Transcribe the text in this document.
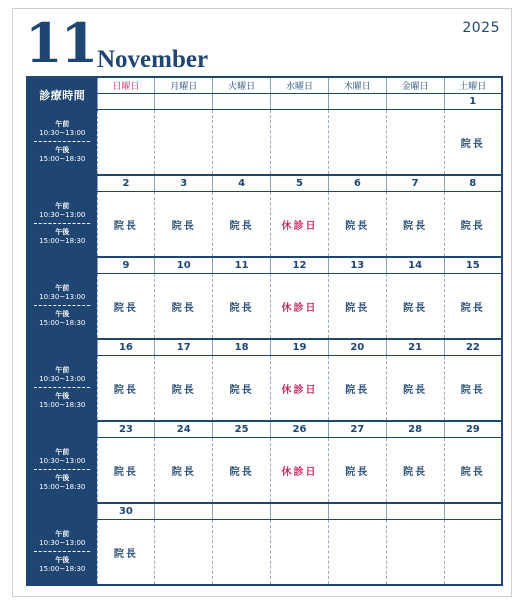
11 November
2025
診療時間	日曜日	月曜日	火曜日	水曜日	木曜日	金曜日	土曜日
							1

午前
10:30~13:00
午後
15:00~18:30							院長
	2	3	4	5	6	7	8

午前
10:30~13:00
午後
15:00~18:30	院長	院長	院長	休診日	院長	院長	院長
	9	10	11	12	13	14	15

午前
10:30~13:00
午後
15:00~18:30	院長	院長	院長	休診日	院長	院長	院長
	16	17	18	19	20	21	22

午前
10:30~13:00
午後
15:00~18:30	院長	院長	院長	休診日	院長	院長	院長
	23	24	25	26	27	28	29

午前
10:30~13:00
午後
15:00~18:30	院長	院長	院長	休診日	院長	院長	院長
	30						

午前
10:30~13:00
午後
15:00~18:30	院長						
